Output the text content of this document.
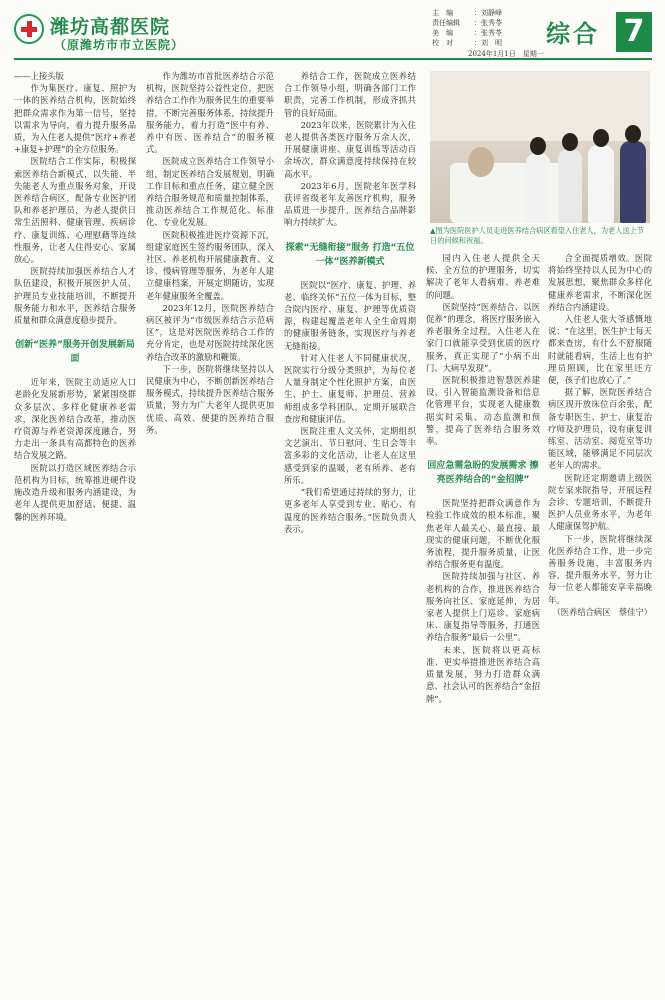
潍坊高都医院
（原潍坊市市立医院）
主　编	：刘静峰
责任编辑	：张秀苓
美　编	：张秀苓
校　对	：刘　明
2024年1月1日　星期一
综合 7

——上接头版

作为集医疗、康复、照护为一体的医养结合机构，医院始终把群众需求作为第一信号，坚持以需求为导向，着力提升服务品质，为入住老人提供“医疗+养老+康复+护理”的全方位服务。

医院结合工作实际，积极探索医养结合新模式，以失能、半失能老人为重点服务对象，开设医养结合病区，配备专业医护团队和养老护理员，为老人提供日常生活照料、健康管理、疾病诊疗、康复训练、心理慰藉等连续性服务，让老人住得安心、家属放心。

医院持续加强医养结合人才队伍建设，积极开展医护人员、护理员专业技能培训，不断提升服务能力和水平，医养结合服务质量和群众满意度稳步提升。

创新“医养”服务开创发展新局面

近年来，医院主动适应人口老龄化发展新形势，紧紧围绕群众多层次、多样化健康养老需求，深化医养结合改革，推动医疗资源与养老资源深度融合，努力走出一条具有高都特色的医养结合发展之路。

医院以打造区域医养结合示范机构为目标，统筹推进硬件设施改造升级和服务内涵建设，为老年人提供更加舒适、便捷、温馨的医养环境。

作为潍坊市首批医养结合示范机构，医院坚持公益性定位，把医养结合工作作为服务民生的重要举措，不断完善服务体系，持续提升服务能力，着力打造“医中有养、养中有医、医养结合”的服务模式。

医院成立医养结合工作领导小组，制定医养结合发展规划，明确工作目标和重点任务，建立健全医养结合服务规范和质量控制体系，推动医养结合工作规范化、标准化、专业化发展。

医院积极推进医疗资源下沉，组建家庭医生签约服务团队，深入社区、养老机构开展健康教育、义诊、慢病管理等服务，为老年人建立健康档案，开展定期随访，实现老年健康服务全覆盖。

2023年12月，医院医养结合病区被评为“市级医养结合示范病区”，这是对医院医养结合工作的充分肯定，也是对医院持续深化医养结合改革的激励和鞭策。

下一步，医院将继续坚持以人民健康为中心，不断创新医养结合服务模式，持续提升医养结合服务质量，努力为广大老年人提供更加优质、高效、便捷的医养结合服务。

养结合工作，医院成立医养结合工作领导小组，明确各部门工作职责，完善工作机制，形成齐抓共管的良好局面。

2023年以来，医院累计为入住老人提供各类医疗服务万余人次，开展健康讲座、康复训练等活动百余场次，群众满意度持续保持在较高水平。

2023年6月，医院老年医学科获评省级老年友善医疗机构，服务品质进一步提升，医养结合品牌影响力持续扩大。

探索“无缝衔接”服务 打造“五位一体”医养新模式

医院以“医疗、康复、护理、养老、临终关怀”五位一体为目标，整合院内医疗、康复、护理等优质资源，构建起覆盖老年人全生命周期的健康服务链条，实现医疗与养老无缝衔接。

针对入住老人不同健康状况，医院实行分级分类照护，为每位老人量身制定个性化照护方案，由医生、护士、康复师、护理员、营养师组成多学科团队，定期开展联合查房和健康评估。

医院注重人文关怀，定期组织文艺演出、节日慰问、生日会等丰富多彩的文化活动，让老人在这里感受到家的温暖，老有所养、老有所乐。

“我们希望通过持续的努力，让更多老年人享受到专业、贴心、有温度的医养结合服务。”医院负责人表示。

▲图为医院医护人员走进医养结合病区看望入住老人，为老人送上节日的问候和祝福。

园内入住老人提供全天候、全方位的护理服务，切实解决了老年人看病难、养老难的问题。

医院坚持“医养结合、以医促养”的理念，将医疗服务嵌入养老服务全过程，入住老人在家门口就能享受到优质的医疗服务，真正实现了“小病不出门、大病早发现”。

医院积极推进智慧医养建设，引入智能监测设备和信息化管理平台，实现老人健康数据实时采集、动态监测和预警，提高了医养结合服务效率。

回应急需急盼的发展需求 擦亮医养结合的“金招牌”

医院坚持把群众满意作为检验工作成效的根本标准，聚焦老年人最关心、最直接、最现实的健康问题，不断优化服务流程，提升服务质量，让医养结合服务更有温度。

医院持续加强与社区、养老机构的合作，推进医养结合服务向社区、家庭延伸，为居家老人提供上门巡诊、家庭病床、康复指导等服务，打通医养结合服务“最后一公里”。

未来，医院将以更高标准、更实举措推进医养结合高质量发展，努力打造群众满意、社会认可的医养结合“金招牌”。

合全面提质增效。医院将始终坚持以人民为中心的发展思想，聚焦群众多样化健康养老需求，不断深化医养结合内涵建设。

入住老人张大爷感慨地说：“在这里，医生护士每天都来查房，有什么不舒服随时就能看病，生活上也有护理员照顾，比在家里还方便，孩子们也放心了。”

据了解，医院医养结合病区现开放床位百余张，配备专职医生、护士、康复治疗师及护理员，设有康复训练室、活动室、阅览室等功能区域，能够满足不同层次老年人的需求。

医院还定期邀请上级医院专家来院指导，开展远程会诊、专题培训，不断提升医护人员业务水平，为老年人健康保驾护航。

下一步，医院将继续深化医养结合工作，进一步完善服务设施，丰富服务内容，提升服务水平，努力让每一位老人都能安享幸福晚年。

（医养结合病区　蔡佳宁）
